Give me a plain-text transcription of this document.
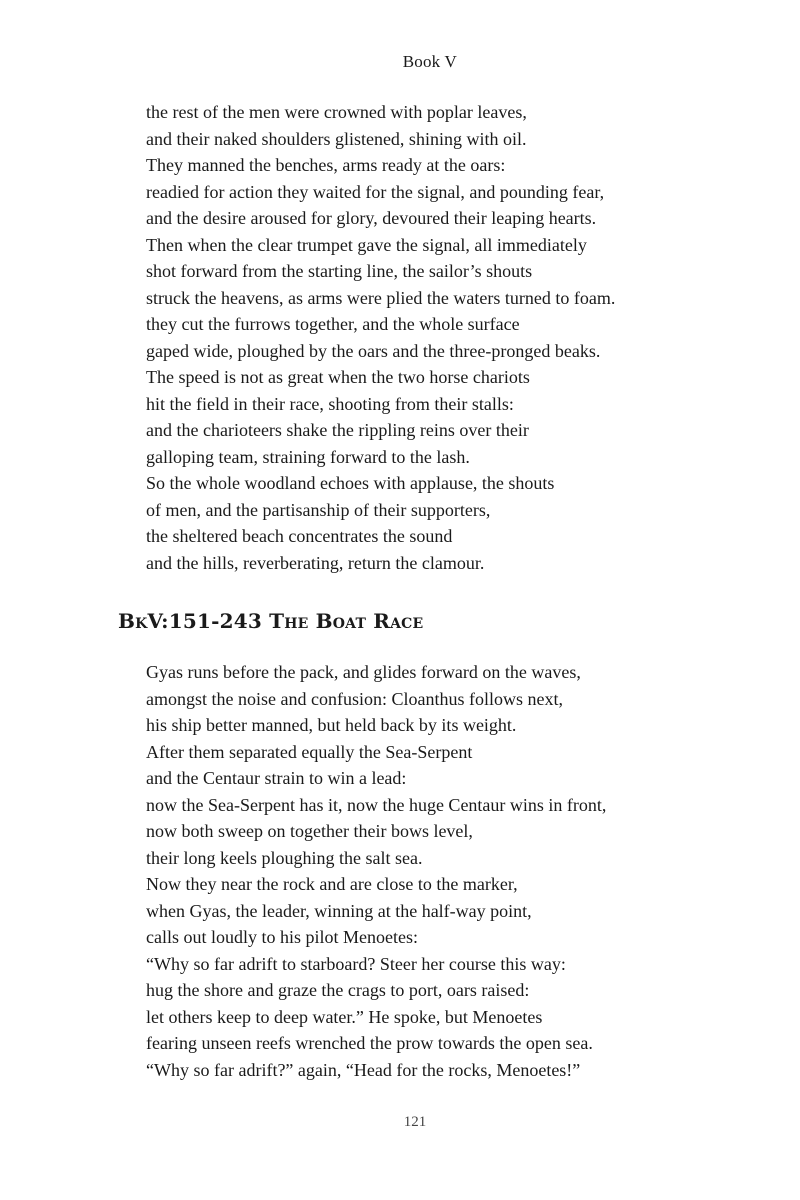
Book V
the rest of the men were crowned with poplar leaves,
and their naked shoulders glistened, shining with oil.
They manned the benches, arms ready at the oars:
readied for action they waited for the signal, and pounding fear,
and the desire aroused for glory, devoured their leaping hearts.
Then when the clear trumpet gave the signal, all immediately
shot forward from the starting line, the sailor’s shouts
struck the heavens, as arms were plied the waters turned to foam.
they cut the furrows together, and the whole surface
gaped wide, ploughed by the oars and the three-pronged beaks.
The speed is not as great when the two horse chariots
hit the field in their race, shooting from their stalls:
and the charioteers shake the rippling reins over their
galloping team, straining forward to the lash.
So the whole woodland echoes with applause, the shouts
of men, and the partisanship of their supporters,
the sheltered beach concentrates the sound
and the hills, reverberating, return the clamour.
BkV:151-243 The Boat Race
Gyas runs before the pack, and glides forward on the waves,
amongst the noise and confusion: Cloanthus follows next,
his ship better manned, but held back by its weight.
After them separated equally the Sea-Serpent
and the Centaur strain to win a lead:
now the Sea-Serpent has it, now the huge Centaur wins in front,
now both sweep on together their bows level,
their long keels ploughing the salt sea.
Now they near the rock and are close to the marker,
when Gyas, the leader, winning at the half-way point,
calls out loudly to his pilot Menoetes:
“Why so far adrift to starboard? Steer her course this way:
hug the shore and graze the crags to port, oars raised:
let others keep to deep water.” He spoke, but Menoetes
fearing unseen reefs wrenched the prow towards the open sea.
“Why so far adrift?” again, “Head for the rocks, Menoetes!”
121
